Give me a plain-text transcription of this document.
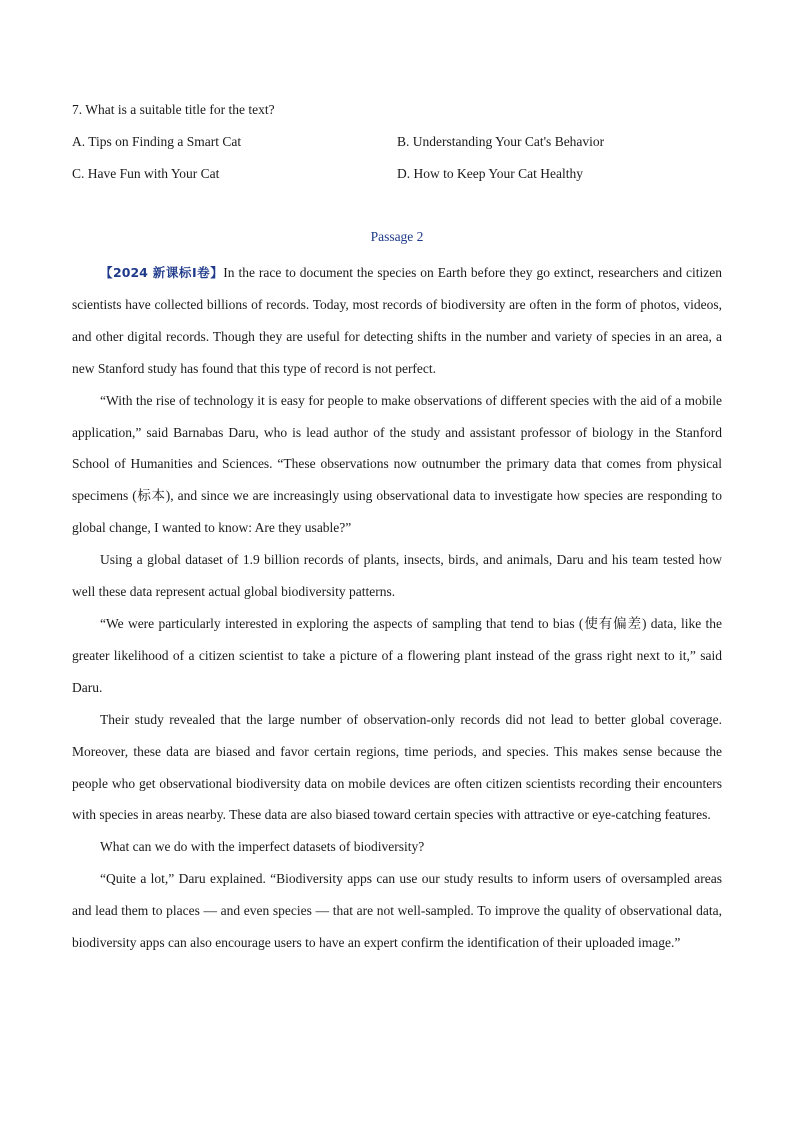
7. What is a suitable title for the text?
A. Tips on Finding a Smart Cat	B. Understanding Your Cat's Behavior
C. Have Fun with Your Cat	D. How to Keep Your Cat Healthy
Passage 2

【2024 新课标Ⅰ卷】In the race to document the species on Earth before they go extinct, researchers and citizen scientists have collected billions of records. Today, most records of biodiversity are often in the form of photos, videos, and other digital records. Though they are useful for detecting shifts in the number and variety of species in an area, a new Stanford study has found that this type of record is not perfect.

“With the rise of technology it is easy for people to make observations of different species with the aid of a mobile application,” said Barnabas Daru, who is lead author of the study and assistant professor of biology in the Stanford School of Humanities and Sciences. “These observations now outnumber the primary data that comes from physical specimens (标本), and since we are increasingly using observational data to investigate how species are responding to global change, I wanted to know: Are they usable?”

Using a global dataset of 1.9 billion records of plants, insects, birds, and animals, Daru and his team tested how well these data represent actual global biodiversity patterns.

“We were particularly interested in exploring the aspects of sampling that tend to bias (使有偏差) data, like the greater likelihood of a citizen scientist to take a picture of a flowering plant instead of the grass right next to it,” said Daru.

Their study revealed that the large number of observation-only records did not lead to better global coverage. Moreover, these data are biased and favor certain regions, time periods, and species. This makes sense because the people who get observational biodiversity data on mobile devices are often citizen scientists recording their encounters with species in areas nearby. These data are also biased toward certain species with attractive or eye-catching features.

What can we do with the imperfect datasets of biodiversity?

“Quite a lot,” Daru explained. “Biodiversity apps can use our study results to inform users of oversampled areas and lead them to places — and even species — that are not well-sampled. To improve the quality of observational data, biodiversity apps can also encourage users to have an expert confirm the identification of their uploaded image.”
